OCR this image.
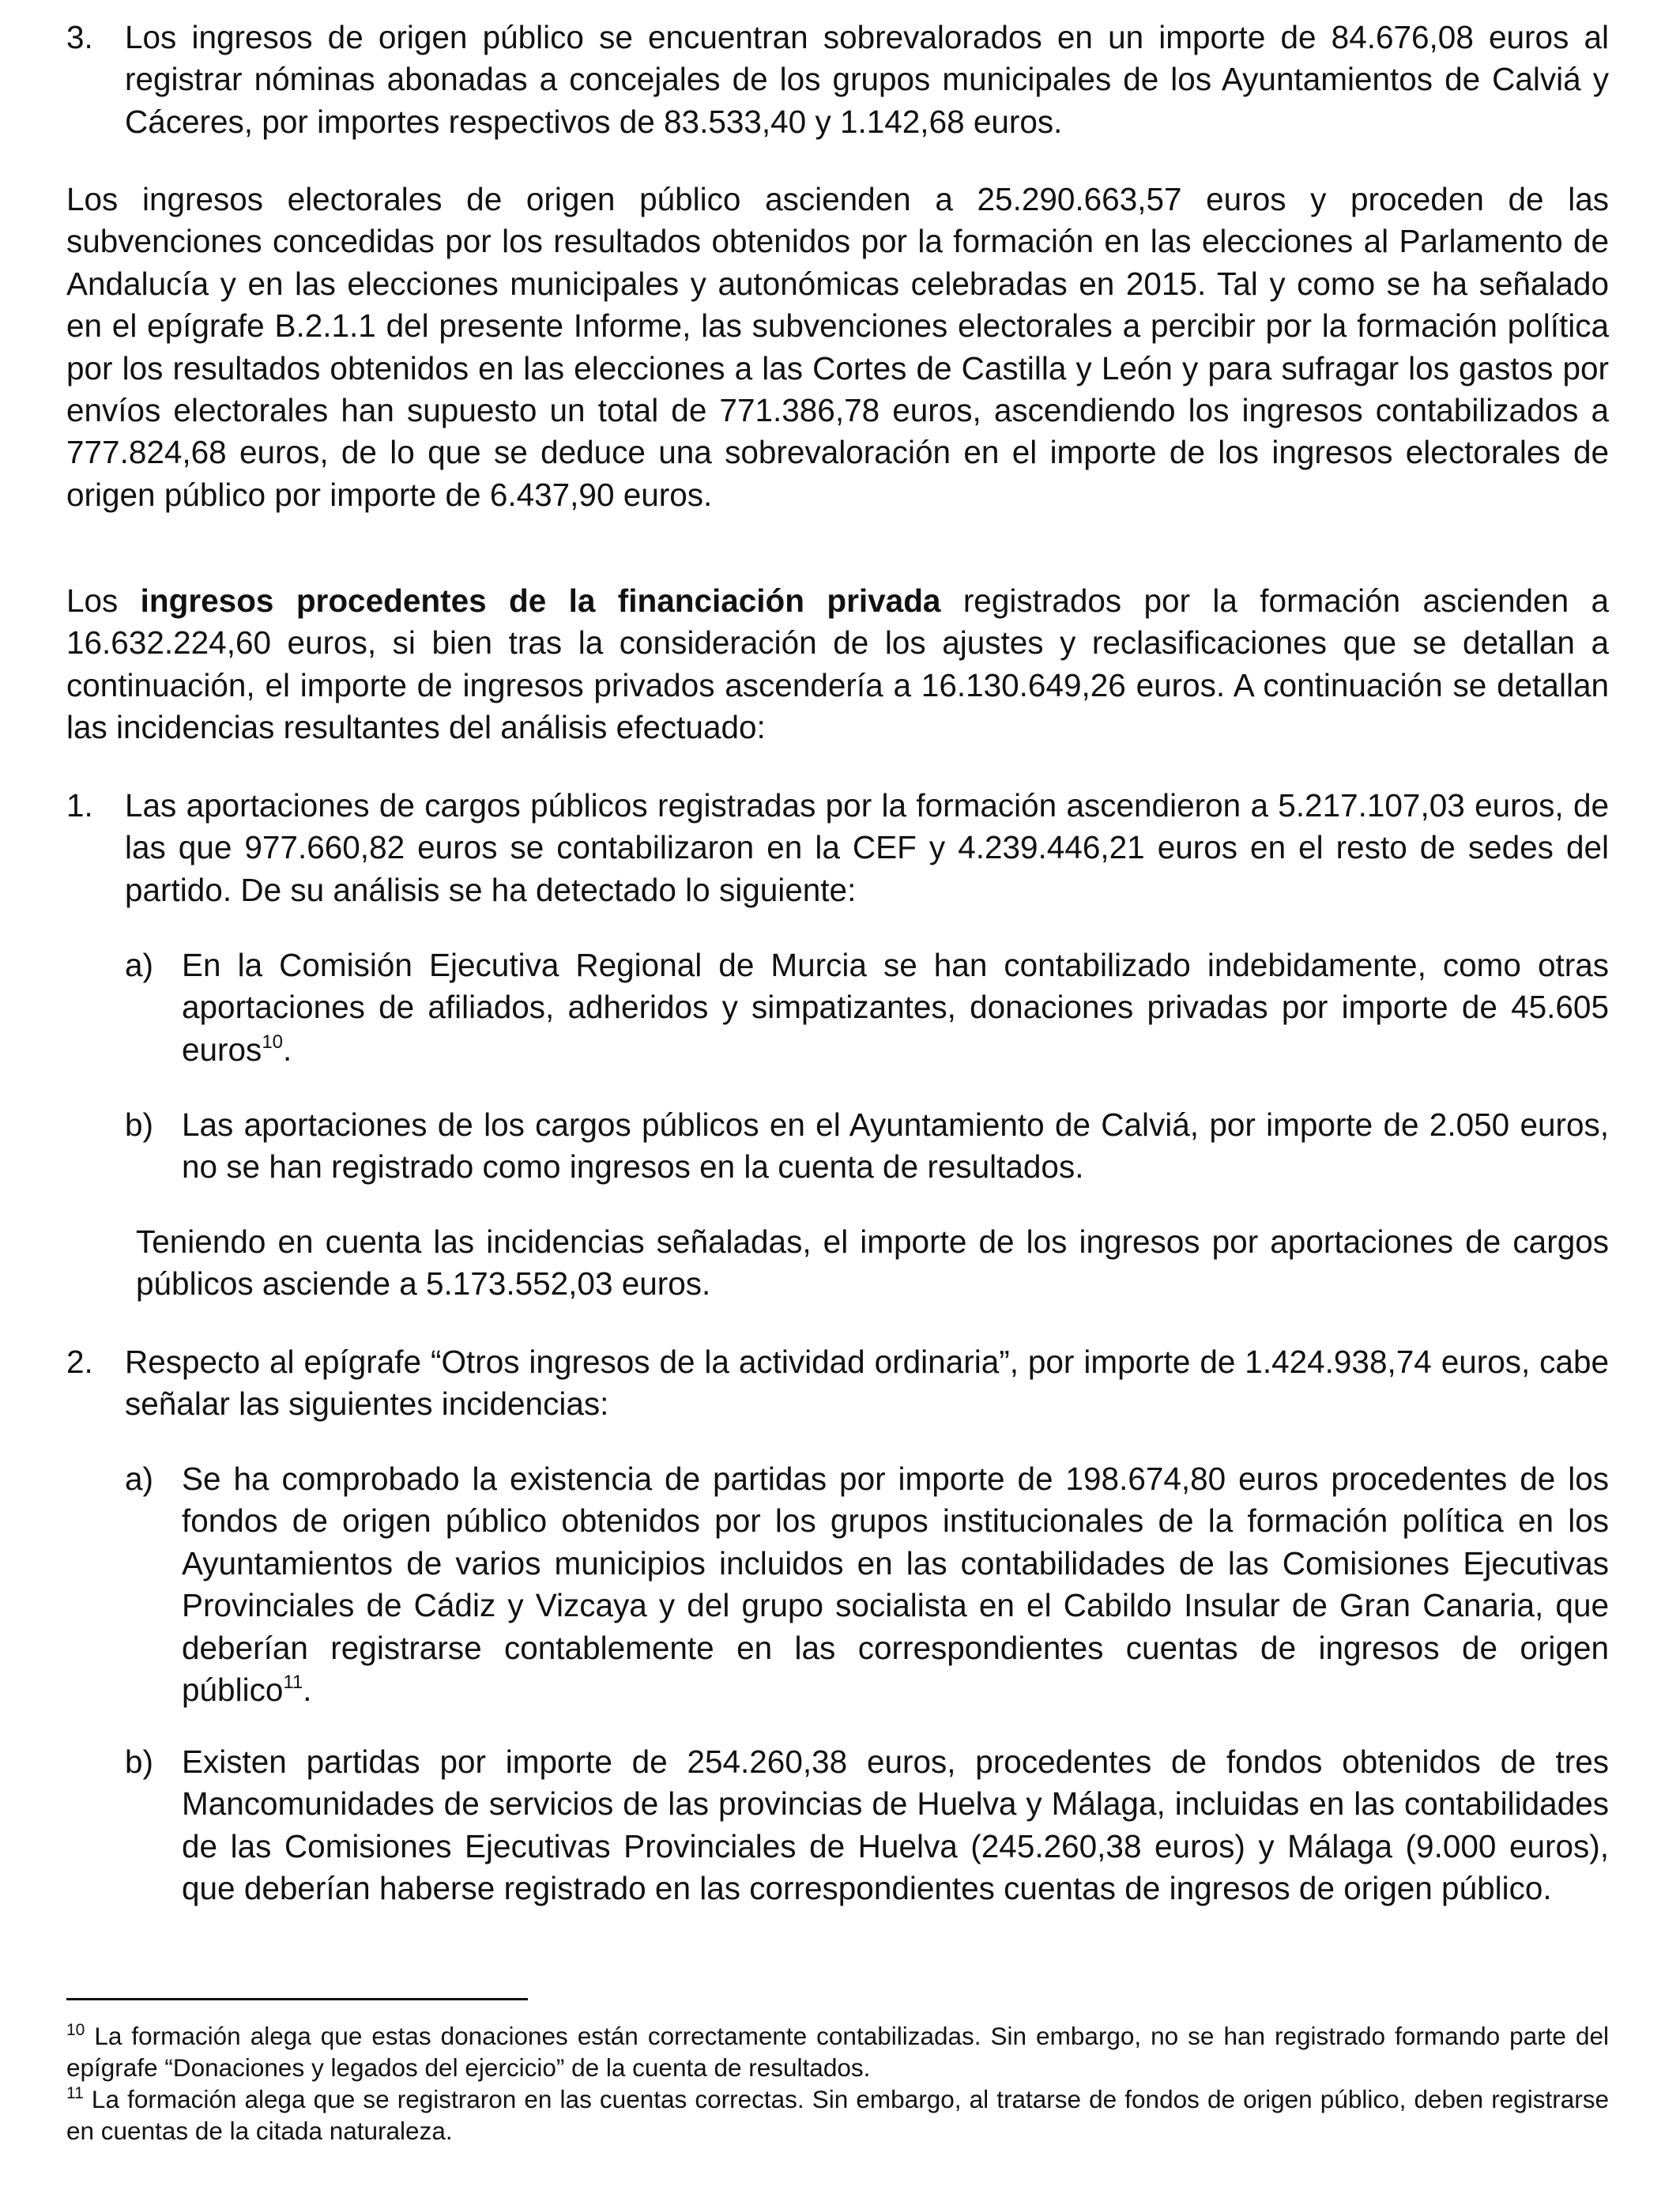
3. Los ingresos de origen público se encuentran sobrevalorados en un importe de 84.676,08 euros al registrar nóminas abonadas a concejales de los grupos municipales de los Ayuntamientos de Calviá y Cáceres, por importes respectivos de 83.533,40 y 1.142,68 euros.

Los ingresos electorales de origen público ascienden a 25.290.663,57 euros y proceden de las subvenciones concedidas por los resultados obtenidos por la formación en las elecciones al Parlamento de Andalucía y en las elecciones municipales y autonómicas celebradas en 2015. Tal y como se ha señalado en el epígrafe B.2.1.1 del presente Informe, las subvenciones electorales a percibir por la formación política por los resultados obtenidos en las elecciones a las Cortes de Castilla y León y para sufragar los gastos por envíos electorales han supuesto un total de 771.386,78 euros, ascendiendo los ingresos contabilizados a 777.824,68 euros, de lo que se deduce una sobrevaloración en el importe de los ingresos electorales de origen público por importe de 6.437,90 euros.

Los ingresos procedentes de la financiación privada registrados por la formación ascienden a 16.632.224,60 euros, si bien tras la consideración de los ajustes y reclasificaciones que se detallan a continuación, el importe de ingresos privados ascendería a 16.130.649,26 euros. A continuación se detallan las incidencias resultantes del análisis efectuado:

1. Las aportaciones de cargos públicos registradas por la formación ascendieron a 5.217.107,03 euros, de las que 977.660,82 euros se contabilizaron en la CEF y 4.239.446,21 euros en el resto de sedes del partido. De su análisis se ha detectado lo siguiente:

a) En la Comisión Ejecutiva Regional de Murcia se han contabilizado indebidamente, como otras aportaciones de afiliados, adheridos y simpatizantes, donaciones privadas por importe de 45.605 euros$^{10}$.

b) Las aportaciones de los cargos públicos en el Ayuntamiento de Calviá, por importe de 2.050 euros, no se han registrado como ingresos en la cuenta de resultados.

Teniendo en cuenta las incidencias señaladas, el importe de los ingresos por aportaciones de cargos públicos asciende a 5.173.552,03 euros.

2. Respecto al epígrafe “Otros ingresos de la actividad ordinaria”, por importe de 1.424.938,74 euros, cabe señalar las siguientes incidencias:

a) Se ha comprobado la existencia de partidas por importe de 198.674,80 euros procedentes de los fondos de origen público obtenidos por los grupos institucionales de la formación política en los Ayuntamientos de varios municipios incluidos en las contabilidades de las Comisiones Ejecutivas Provinciales de Cádiz y Vizcaya y del grupo socialista en el Cabildo Insular de Gran Canaria, que deberían registrarse contablemente en las correspondientes cuentas de ingresos de origen público$^{11}$.

b) Existen partidas por importe de 254.260,38 euros, procedentes de fondos obtenidos de tres Mancomunidades de servicios de las provincias de Huelva y Málaga, incluidas en las contabilidades de las Comisiones Ejecutivas Provinciales de Huelva (245.260,38 euros) y Málaga (9.000 euros), que deberían haberse registrado en las correspondientes cuentas de ingresos de origen público.

$^{10}$ La formación alega que estas donaciones están correctamente contabilizadas. Sin embargo, no se han registrado formando parte del epígrafe “Donaciones y legados del ejercicio” de la cuenta de resultados.

$^{11}$ La formación alega que se registraron en las cuentas correctas. Sin embargo, al tratarse de fondos de origen público, deben registrarse en cuentas de la citada naturaleza.
